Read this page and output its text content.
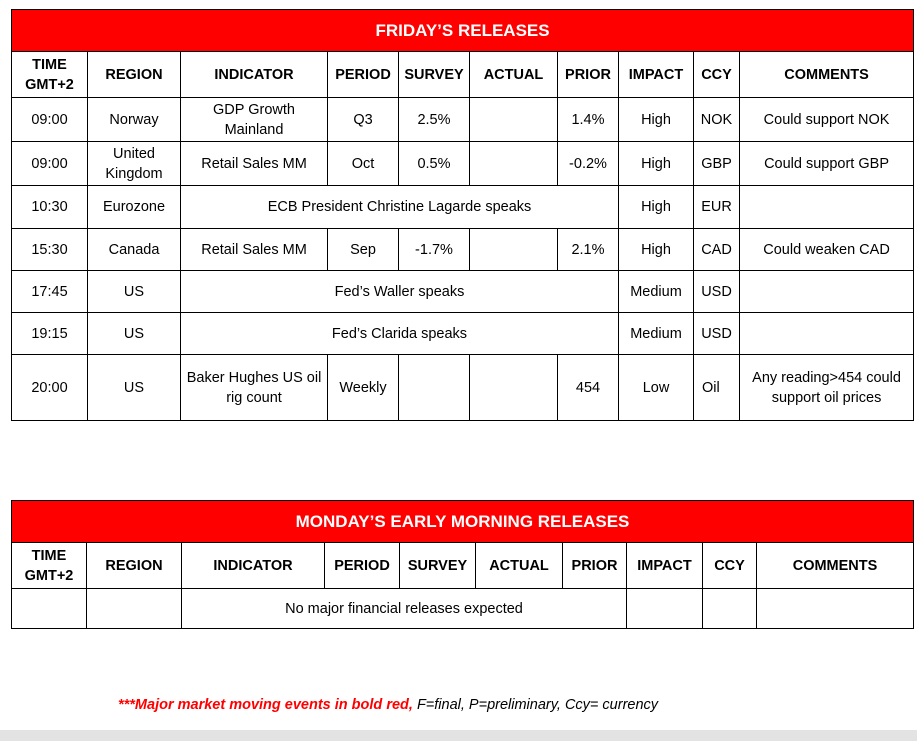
FRIDAY’S RELEASES									
TIME
GMT+2	REGION	INDICATOR	PERIOD	SURVEY	ACTUAL	PRIOR	IMPACT	CCY	COMMENTS
09:00	Norway	GDP Growth Mainland	Q3	2.5%		1.4%	High	NOK	Could support NOK
09:00	United Kingdom	Retail Sales MM	Oct	0.5%		-0.2%	High	GBP	Could support GBP
10:30	Eurozone	ECB President Christine Lagarde speaks					High	EUR	
15:30	Canada	Retail Sales MM	Sep	-1.7%		2.1%	High	CAD	Could weaken CAD
17:45	US	Fed’s Waller speaks					Medium	USD	
19:15	US	Fed’s Clarida speaks					Medium	USD	
20:00	US	Baker Hughes US oil rig count	Weekly			454	Low	Oil	Any reading>454 could support oil prices
MONDAY’S EARLY MORNING RELEASES									
TIME
GMT+2	REGION	INDICATOR	PERIOD	SURVEY	ACTUAL	PRIOR	IMPACT	CCY	COMMENTS
		No major financial releases expected							
***Major market moving events in bold red, F=final, P=preliminary, Ccy= currency
